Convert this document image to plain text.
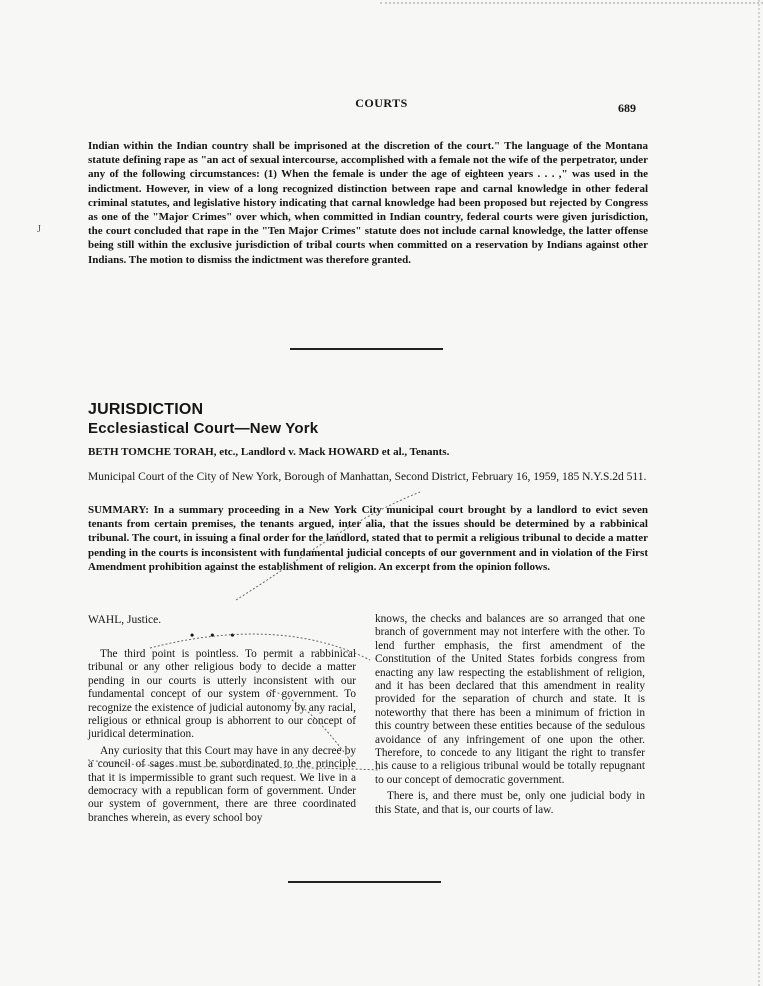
COURTS	689
J

Indian within the Indian country shall be imprisoned at the discretion of the court." The language of the Montana statute defining rape as "an act of sexual intercourse, accomplished with a female not the wife of the perpetrator, under any of the following circumstances: (1) When the female is under the age of eighteen years . . . ," was used in the indictment. However, in view of a long recognized distinction between rape and carnal knowledge in other federal criminal statutes, and legislative history indicating that carnal knowledge had been proposed but rejected by Congress as one of the "Major Crimes" over which, when committed in Indian country, federal courts were given jurisdiction, the court concluded that rape in the "Ten Major Crimes" statute does not include carnal knowledge, the latter offense being still within the exclusive jurisdiction of tribal courts when committed on a reservation by Indians against other Indians. The motion to dismiss the indictment was therefore granted.

JURISDICTION
Ecclesiastical Court—New York
BETH TOMCHE TORAH, etc., Landlord v. Mack HOWARD et al., Tenants.

Municipal Court of the City of New York, Borough of Manhattan, Second District, February 16, 1959, 185 N.Y.S.2d 511.

SUMMARY: In a summary proceeding in a New York City municipal court brought by a landlord to evict seven tenants from certain premises, the tenants argued, inter alia, that the issues should be determined by a rabbinical tribunal. The court, in issuing a final order for the landlord, stated that to permit a religious tribunal to decide a matter pending in the courts is inconsistent with fundamental judicial concepts of our government and in violation of the First Amendment prohibition against the establishment of religion. An excerpt from the opinion follows.

WAHL, Justice.
•••

The third point is pointless. To permit a rabbinical tribunal or any other religious body to decide a matter pending in our courts is utterly inconsistent with our fundamental concept of our system of government. To recognize the existence of judicial autonomy by any racial, religious or ethnical group is abhorrent to our concept of juridical determination.

Any curiosity that this Court may have in any decree by a council of sages must be subordinated to the principle that it is impermissible to grant such request. We live in a democracy with a republican form of government. Under our system of government, there are three coordinated branches wherein, as every school boy

knows, the checks and balances are so arranged that one branch of government may not interfere with the other. To lend further emphasis, the first amendment of the Constitution of the United States forbids congress from enacting any law respecting the establishment of religion, and it has been declared that this amendment in reality provided for the separation of church and state. It is noteworthy that there has been a minimum of friction in this country between these entities because of the sedulous avoidance of any infringement of one upon the other. Therefore, to concede to any litigant the right to transfer his cause to a religious tribunal would be totally repugnant to our concept of democratic government.

There is, and there must be, only one judicial body in this State, and that is, our courts of law.
